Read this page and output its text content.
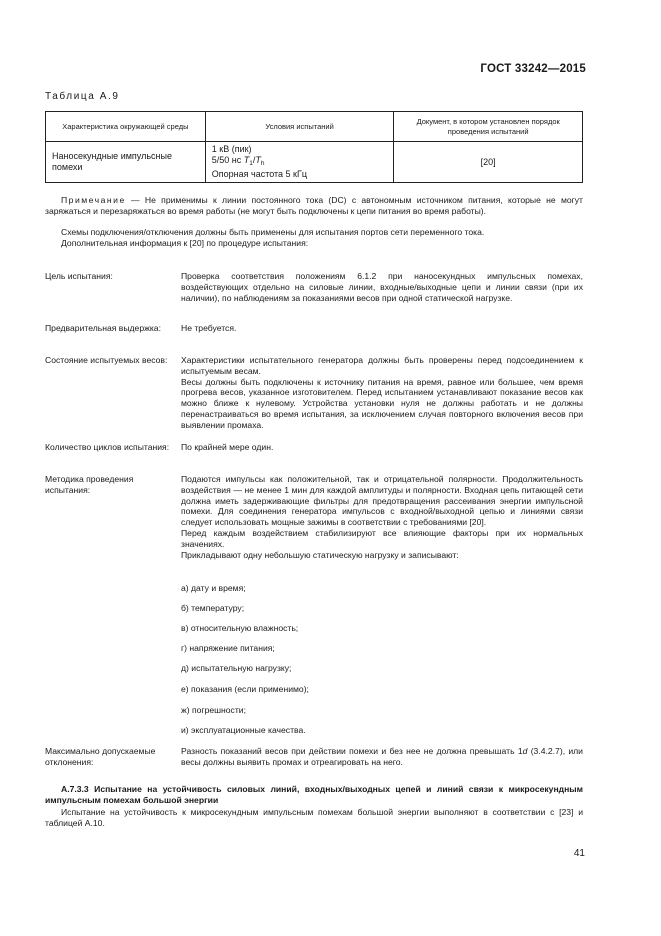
ГОСТ 33242—2015
Таблица А.9
Характеристика окружающей среды	Условия испытаний	Документ, в котором установлен порядок проведения испытаний
Наносекундные импульсные помехи	1 кВ (пик)
5/50 нс $T_1/T_h$
Опорная частота 5 кГц	[20]
Примечание — Не применимы к линии постоянного тока (DC) с автономным источником питания, которые не могут заряжаться и перезаряжаться во время работы (не могут быть подключены к цепи питания во время работы).

Схемы подключения/отключения должны быть применены для испытания портов сети переменного тока.

Дополнительная информация к [20] по процедуре испытания:

Цель испытания:	Проверка соответствия положениям 6.1.2 при наносекундных импульсных помехах, воздействующих отдельно на силовые линии, входные/выходные цепи и линии связи (при их наличии), по наблюдениям за показаниями весов при одной статической нагрузке.

Предварительная выдержка:	Не требуется.

Состояние испытуемых весов:	Характеристики испытательного генератора должны быть проверены перед подсоединением к испытуемым весам.

Весы должны быть подключены к источнику питания на время, равное или большее, чем время прогрева весов, указанное изготовителем. Перед испытанием устанавливают показание весов как можно ближе к нулевому. Устройства установки нуля не должны работать и не должны перенастраиваться во время испытания, за исключением случая повторного включения весов при выявлении промаха.

Количество циклов испытания:	По крайней мере один.

Методика проведения испытания:

Подаются импульсы как положительной, так и отрицательной полярности. Продолжительность воздействия — не менее 1 мин для каждой амплитуды и полярности. Входная цепь питающей сети должна иметь задерживающие фильтры для предотвращения рассеивания энергии импульсной помехи. Для соединения генератора импульсов с входной/выходной цепью и линиями связи следует использовать мощные зажимы в соответствии с требованиями [20].

Перед каждым воздействием стабилизируют все влияющие факторы при их нормальных значениях.

Прикладывают одну небольшую статическую нагрузку и записывают:

а) дату и время;
б) температуру;
в) относительную влажность;
г) напряжение питания;
д) испытательную нагрузку;
е) показания (если применимо);
ж) погрешности;
и) эксплуатационные качества.
Максимально допускаемые отклонения:

Разность показаний весов при действии помехи и без нее не должна превышать 1d (3.4.2.7), или весы должны выявить промах и отреагировать на него.

А.7.3.3 Испытание на устойчивость силовых линий, входных/выходных цепей и линий связи к микросекундным импульсным помехам большой энергии
Испытание на устойчивость к микросекундным импульсным помехам большой энергии выполняют в соответствии с [23] и таблицей А.10.
41
